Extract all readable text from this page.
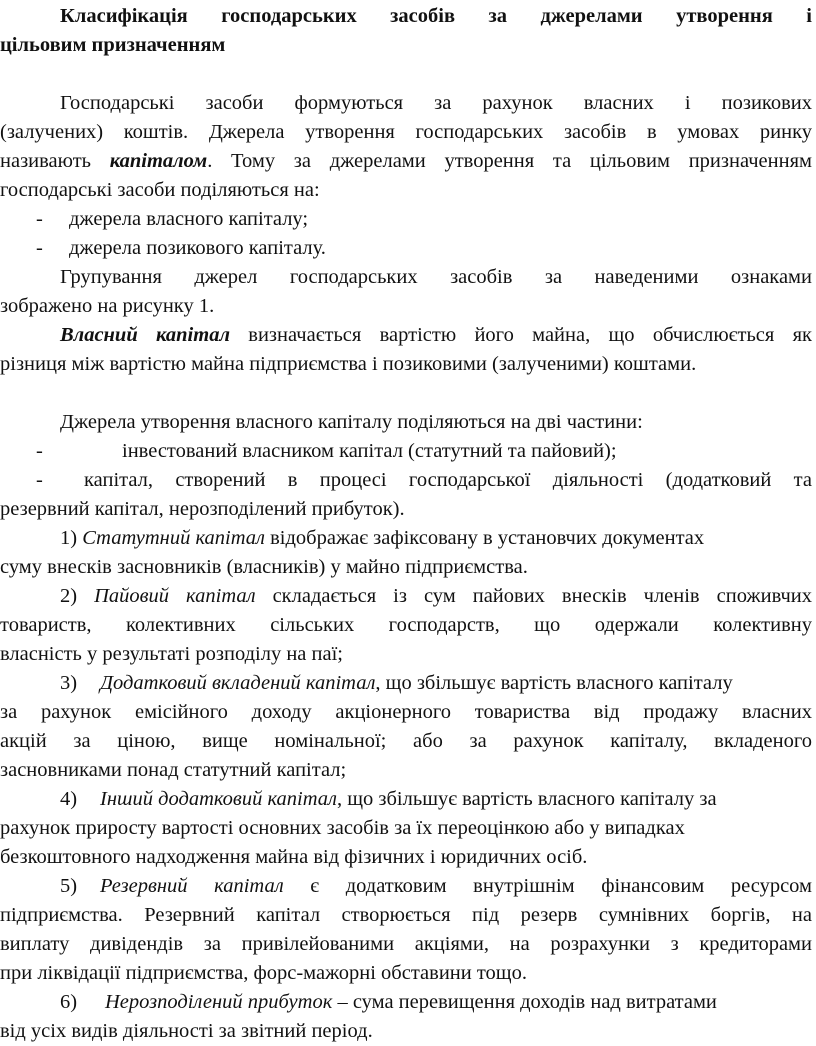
Класифікація господарських засобів за джерелами утворення і
цільовим призначенням
Господарські засоби формуються за рахунок власних і позикових
(залучених) коштів. Джерела утворення господарських засобів в умовах ринку
називають капіталом. Тому за джерелами утворення та цільовим призначенням
господарські засоби поділяються на:
- джерела власного капіталу;
- джерела позикового капіталу.
Групування джерел господарських засобів за наведеними ознаками
зображено на рисунку 1.
Власний капітал визначається вартістю його майна, що обчислюється як
різниця між вартістю майна підприємства і позиковими (залученими) коштами.
Джерела утворення власного капіталу поділяються на дві частини:
-	інвестований власником капітал (статутний та пайовий);
- капітал, створений в процесі господарської діяльності (додатковий та
резервний капітал, нерозподілений прибуток).
1) Статутний капітал відображає зафіксовану в установчих документах
суму внесків засновників (власників) у майно підприємства.
2) Пайовий капітал складається із сум пайових внесків членів споживчих
товариств, колективних сільських господарств, що одержали колективну
власність у результаті розподілу на паї;
3) Додатковий вкладений капітал, що збільшує вартість власного капіталу
за рахунок емісійного доходу акціонерного товариства від продажу власних
акцій за ціною, вище номінальної; або за рахунок капіталу, вкладеного
засновниками понад статутний капітал;
4) Інший додатковий капітал, що збільшує вартість власного капіталу за
рахунок приросту вартості основних засобів за їх переоцінкою або у випадках
безкоштовного надходження майна від фізичних і юридичних осіб.
5) Резервний капітал є додатковим внутрішнім фінансовим ресурсом
підприємства. Резервний капітал створюється під резерв сумнівних боргів, на
виплату дивідендів за привілейованими акціями, на розрахунки з кредиторами
при ліквідації підприємства, форс-мажорні обставини тощо.
6) Нерозподілений прибуток – сума перевищення доходів над витратами
від усіх видів діяльності за звітний період.
